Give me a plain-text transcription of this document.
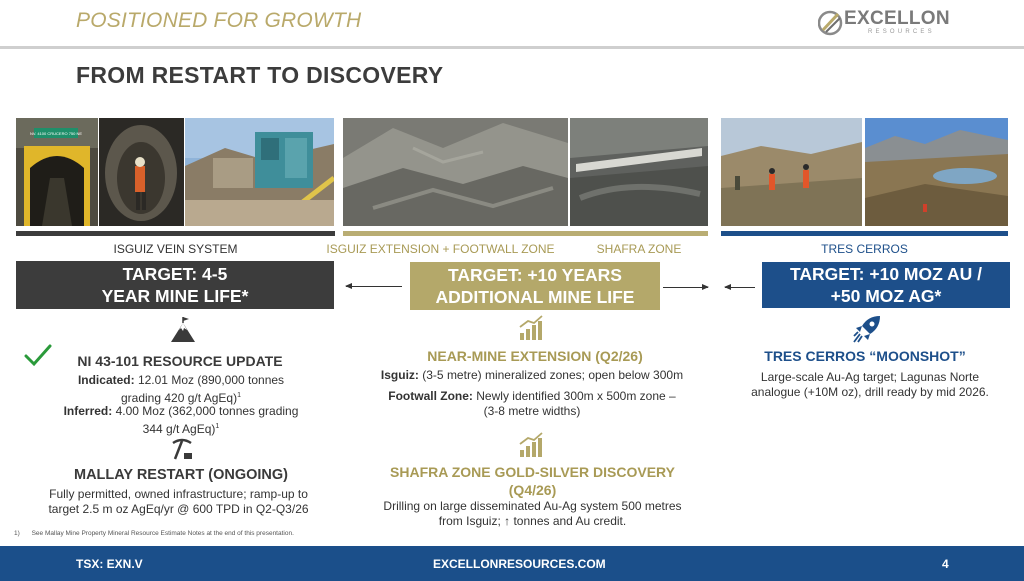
POSITIONED FOR GROWTH	EXCELLON
RESOURCES
FROM RESTART TO DISCOVERY
NV. 4100 CRUCERO 750 NE
ISGUIZ VEIN SYSTEM	ISGUIZ EXTENSION + FOOTWALL ZONE	SHAFRA ZONE	TRES CERROS
TARGET: 4-5
YEAR MINE LIFE*
TARGET: +10 YEARS
ADDITIONAL MINE LIFE
TARGET: +10 MOZ AU /
+50 MOZ AG*
NI 43-101 RESOURCE UPDATE
Indicated: 12.01 Moz (890,000 tonnes
grading 420 g/t AgEq)$^1$
Inferred: 4.00 Moz (362,000 tonnes grading
344 g/t AgEq)$^1$
MALLAY RESTART (ONGOING)
Fully permitted, owned infrastructure; ramp-up to
target 2.5 m oz AgEq/yr @ 600 TPD in Q2-Q3/26
NEAR-MINE EXTENSION (Q2/26)
Isguiz: (3-5 metre) mineralized zones; open below 300m
Footwall Zone: Newly identified 300m x 500m zone –
(3-8 metre widths)
SHAFRA ZONE GOLD-SILVER DISCOVERY
(Q4/26)
Drilling on large disseminated Au-Ag system 500 metres
from Isguiz; ↑ tonnes and Au credit.
TRES CERROS “MOONSHOT”
Large-scale Au-Ag target; Lagunas Norte
analogue (+10M oz), drill ready by mid 2026.
1) See Mallay Mine Property Mineral Resource Estimate Notes at the end of this presentation.
TSX: EXN.V	EXCELLONRESOURCES.COM	4
